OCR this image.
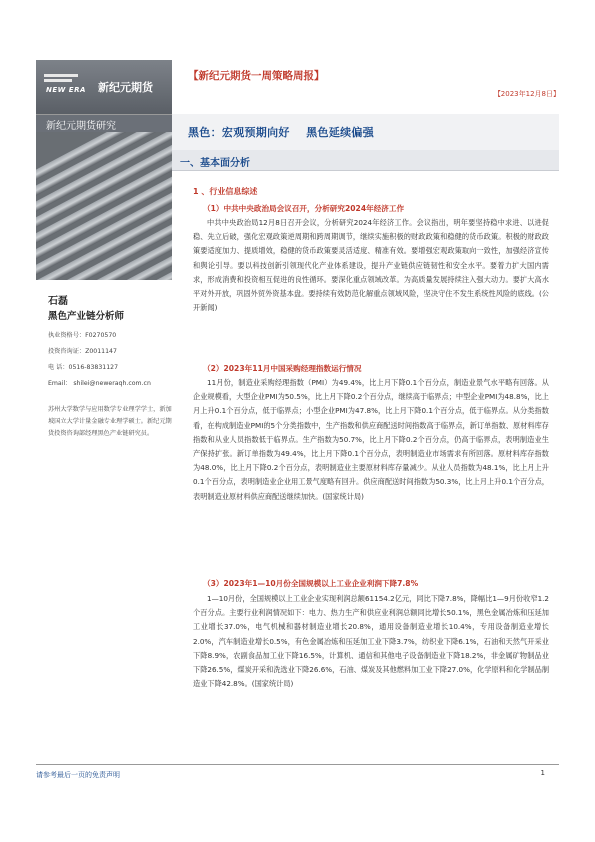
NEW ERA 新纪元期货
【新纪元期货一周策略周报】
【2023年12月8日】
新纪元期货研究	黑色：宏观预期向好    黑色延续偏强
一、基本面分析
石磊
黑色产业链分析师
执业资格号：F0270570
投资咨询证：Z0011147
电 话：0516-83831127
Email： shilei@neweraqh.com.cn
苏州大学数学与应用数学专业理学学士，新加坡国立大学计量金融专业理学硕士。新纪元期货投资咨询部经理黑色产业链研究员。
1 、行业信息综述
（1）中共中央政治局会议召开，分析研究2024年经济工作
中共中央政治局12月8日召开会议，分析研究2024年经济工作。会议指出，明年要坚持稳中求进、以进促稳、先立后破，强化宏观政策逆周期和跨周期调节，继续实施积极的财政政策和稳健的货币政策。积极的财政政策要适度加力、提质增效，稳健的货币政策要灵活适度、精准有效。要增强宏观政策取向一致性，加强经济宣传和舆论引导。要以科技创新引领现代化产业体系建设，提升产业链供应链韧性和安全水平。要着力扩大国内需求，形成消费和投资相互促进的良性循环。要深化重点领域改革。为高质量发展持续注入强大动力。要扩大高水平对外开放，巩固外贸外资基本盘。要持续有效防范化解重点领域风险，坚决守住不发生系统性风险的底线。(公开新闻)
（2）2023年11月中国采购经理指数运行情况
11月份，制造业采购经理指数（PMI）为49.4%，比上月下降0.1个百分点，制造业景气水平略有回落。从企业规模看，大型企业PMI为50.5%，比上月下降0.2个百分点，继续高于临界点；中型企业PMI为48.8%，比上月上升0.1个百分点，低于临界点；小型企业PMI为47.8%，比上月下降0.1个百分点，低于临界点。从分类指数看，在构成制造业PMI的5个分类指数中，生产指数和供应商配送时间指数高于临界点，新订单指数、原材料库存指数和从业人员指数低于临界点。生产指数为50.7%，比上月下降0.2个百分点，仍高于临界点，表明制造业生产保持扩张。新订单指数为49.4%，比上月下降0.1个百分点，表明制造业市场需求有所回落。原材料库存指数为48.0%，比上月下降0.2个百分点，表明制造业主要原材料库存量减少。从业人员指数为48.1%，比上月上升0.1个百分点，表明制造业企业用工景气度略有回升。供应商配送时间指数为50.3%，比上月上升0.1个百分点，表明制造业原材料供应商配送继续加快。(国家统计局)
（3）2023年1—10月份全国规模以上工业企业利润下降7.8%
1—10月份，全国规模以上工业企业实现利润总额61154.2亿元，同比下降7.8%，降幅比1—9月份收窄1.2个百分点。主要行业利润情况如下：电力、热力生产和供应业利润总额同比增长50.1%，黑色金属冶炼和压延加工业增长37.0%，电气机械和器材制造业增长20.8%，通用设备制造业增长10.4%，专用设备制造业增长2.0%，汽车制造业增长0.5%，有色金属冶炼和压延加工业下降3.7%，纺织业下降6.1%，石油和天然气开采业下降8.9%，农副食品加工业下降16.5%，计算机、通信和其他电子设备制造业下降18.2%，非金属矿物制品业下降26.5%，煤炭开采和洗选业下降26.6%，石油、煤炭及其他燃料加工业下降27.0%，化学原料和化学制品制造业下降42.8%。(国家统计局)
请参考最后一页的免责声明	1
